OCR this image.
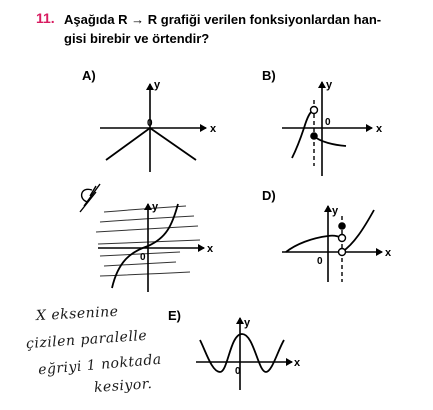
11. Aşağıda R → R grafiği verilen fonksiyonlardan han-
gisi birebir ve örtendir?
A)	B)
D)
E)
x
y
0	x
y
0
x
y
0	x
y
0
x
y
0
X eksenine
çizilen paralelle
eğriyi 1 noktada
kesiyor.
